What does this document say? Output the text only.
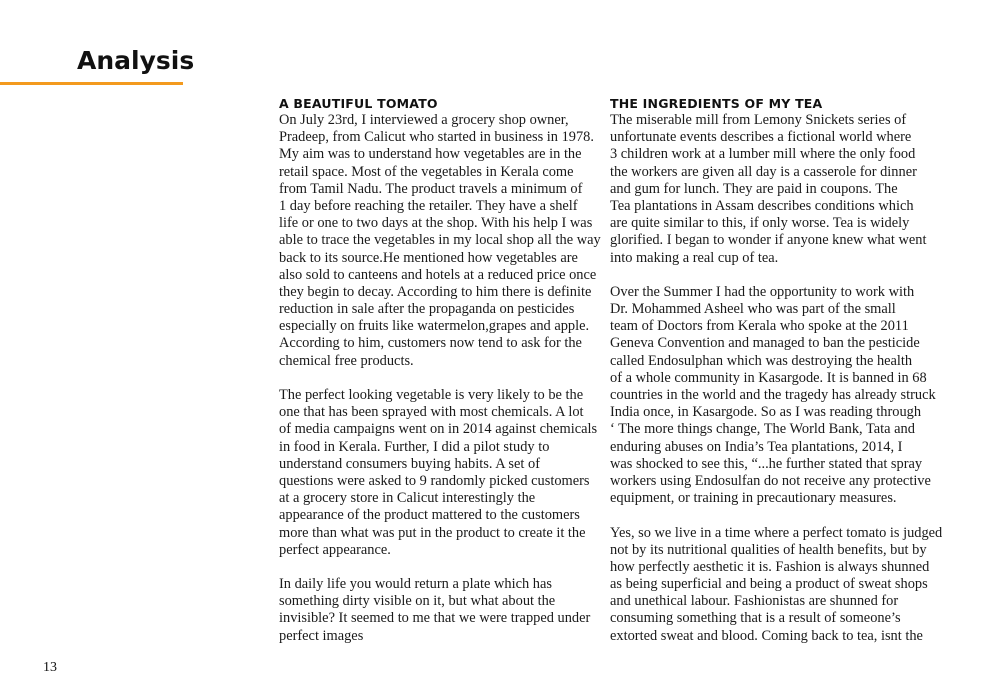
Analysis
A BEAUTIFUL TOMATO
On July 23rd, I interviewed a grocery shop owner,
Pradeep, from Calicut who started in business in 1978.
My aim was to understand how vegetables are in the
retail space. Most of the vegetables in Kerala come
from Tamil Nadu. The product travels a minimum of
1 day before reaching the retailer. They have a shelf
life or one to two days at the shop. With his help I was
able to trace the vegetables in my local shop all the way
back to its source.He mentioned how vegetables are
also sold to canteens and hotels at a reduced price once
they begin to decay. According to him there is definite
reduction in sale after the propaganda on pesticides
especially on fruits like watermelon,grapes and apple.
According to him, customers now tend to ask for the
chemical free products.
The perfect looking vegetable is very likely to be the
one that has been sprayed with most chemicals. A lot
of media campaigns went on in 2014 against chemicals
in food in Kerala. Further, I did a pilot study to
understand consumers buying habits. A set of
questions were asked to 9 randomly picked customers
at a grocery store in Calicut interestingly the
appearance of the product mattered to the customers
more than what was put in the product to create it the
perfect appearance.
In daily life you would return a plate which has
something dirty visible on it, but what about the
invisible? It seemed to me that we were trapped under
perfect images
THE INGREDIENTS OF MY TEA
The miserable mill from Lemony Snickets series of
unfortunate events describes a fictional world where
3 children work at a lumber mill where the only food
the workers are given all day is a casserole for dinner
and gum for lunch. They are paid in coupons. The
Tea plantations in Assam describes conditions which
are quite similar to this, if only worse. Tea is widely
glorified. I began to wonder if anyone knew what went
into making a real cup of tea.
Over the Summer I had the opportunity to work with
Dr. Mohammed Asheel who was part of the small
team of Doctors from Kerala who spoke at the 2011
Geneva Convention and managed to ban the pesticide
called Endosulphan which was destroying the health
of a whole community in Kasargode. It is banned in 68
countries in the world and the tragedy has already struck
India once, in Kasargode. So as I was reading through
‘ The more things change, The World Bank, Tata and
enduring abuses on India’s Tea plantations, 2014, I
was shocked to see this, “...he further stated that spray
workers using Endosulfan do not receive any protective
equipment, or training in precautionary measures.
Yes, so we live in a time where a perfect tomato is judged
not by its nutritional qualities of health benefits, but by
how perfectly aesthetic it is. Fashion is always shunned
as being superficial and being a product of sweat shops
and unethical labour. Fashionistas are shunned for
consuming something that is a result of someone’s
extorted sweat and blood. Coming back to tea, isnt the
13
